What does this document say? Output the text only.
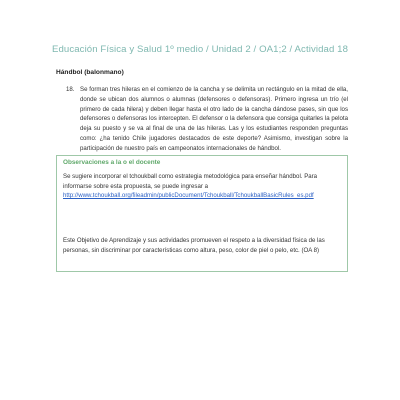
Educación Física y Salud 1º medio / Unidad 2 / OA1;2 / Actividad 18
Hándbol (balonmano)
18. Se forman tres hileras en el comienzo de la cancha y se delimita un rectángulo en la mitad de ella, donde se ubican dos alumnos o alumnas (defensores o defensoras). Primero ingresa un trío (el primero de cada hilera) y deben llegar hasta el otro lado de la cancha dándose pases, sin que los defensores o defensoras los intercepten. El defensor o la defensora que consiga quitarles la pelota deja su puesto y se va al final de una de las hileras. Las y los estudiantes responden preguntas como: ¿ha tenido Chile jugadores destacados de este deporte? Asimismo, investigan sobre la participación de nuestro país en campeonatos internacionales de hándbol.
Observaciones a la o el docente
Se sugiere incorporar el tchoukball como estrategia metodológica para enseñar hándbol. Para informarse sobre esta propuesta, se puede ingresar a http://www.tchoukball.org/fileadmin/publicDocument/Tchoukball/TchoukballBasicRules_es.pdf
Este Objetivo de Aprendizaje y sus actividades promueven el respeto a la diversidad física de las personas, sin discriminar por características como altura, peso, color de piel o pelo, etc. (OA 8)
